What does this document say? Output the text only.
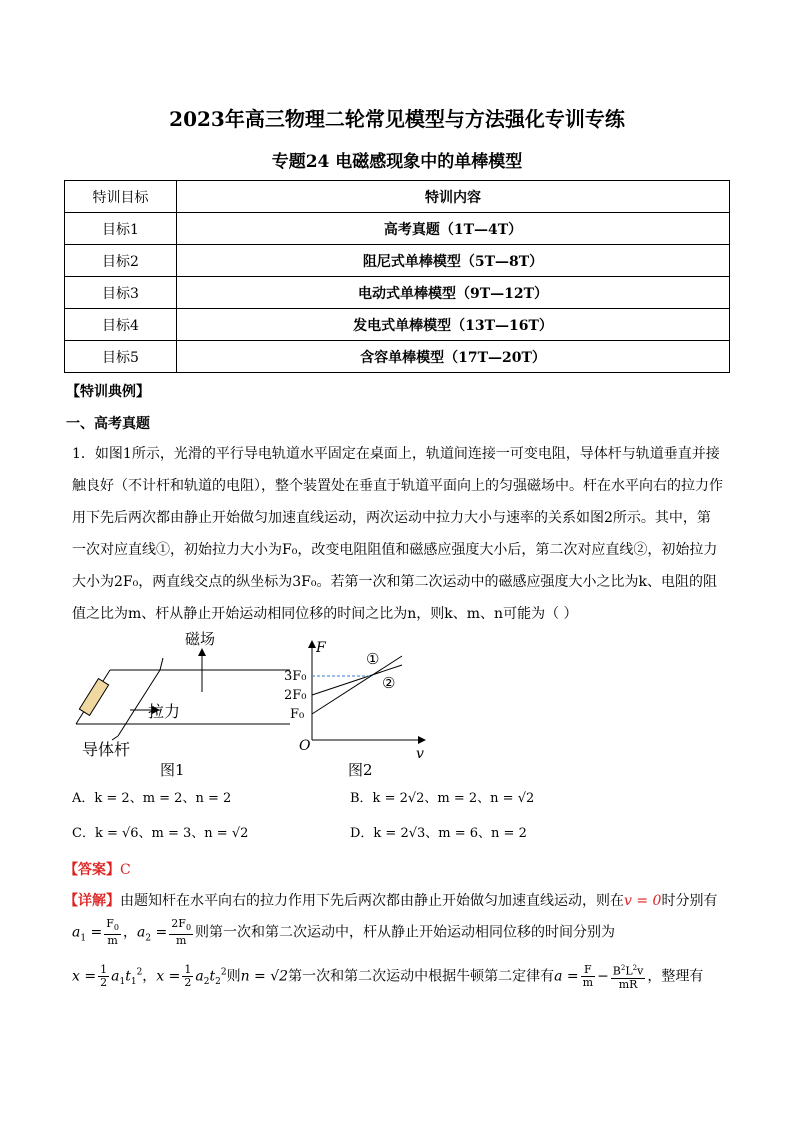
2023年高三物理二轮常见模型与方法强化专训专练
专题24 电磁感现象中的单棒模型
特训目标	特训内容
目标1	高考真题（1T—4T）
目标2	阻尼式单棒模型（5T—8T）
目标3	电动式单棒模型（9T—12T）
目标4	发电式单棒模型（13T—16T）
目标5	含容单棒模型（17T—20T）
【特训典例】
一、高考真题
1．如图1所示，光滑的平行导电轨道水平固定在桌面上，轨道间连接一可变电阻，导体杆与轨道垂直并接
触良好（不计杆和轨道的电阻），整个装置处在垂直于轨道平面向上的匀强磁场中。杆在水平向右的拉力作
用下先后两次都由静止开始做匀加速直线运动，两次运动中拉力大小与速率的关系如图2所示。其中，第
一次对应直线①，初始拉力大小为F₀，改变电阻阻值和磁感应强度大小后，第二次对应直线②，初始拉力
大小为2F₀，两直线交点的纵坐标为3F₀。若第一次和第二次运动中的磁感应强度大小之比为k、电阻的阻
值之比为m、杆从静止开始运动相同位移的时间之比为n，则k、m、n可能为（ ）
磁场
拉力
导体杆
图1
F
v
O
3F₀
2F₀
F₀
①
②
图2
A．k = 2、m = 2、n = 2	B．k = 2√2、m = 2、n = √2
C．k = √6、m = 3、n = √2	D．k = 2√3、m = 6、n = 2
【答案】C
【详解】由题知杆在水平向右的拉力作用下先后两次都由静止开始做匀加速直线运动，则在v = 0时分别有
$a_1 = \frac{F_0}{m}$ ，$a_2 = \frac{2F_0}{m}$ 则第一次和第二次运动中，杆从静止开始运动相同位移的时间分别为
$x = \frac{1}{2} a_1t_1^2$，$x = \frac{1}{2} a_2t_2^2$则n = √2第一次和第二次运动中根据牛顿第二定律有$a = \frac{F}{m} - \frac{B^2L^2v}{mR}$ ，整理有
